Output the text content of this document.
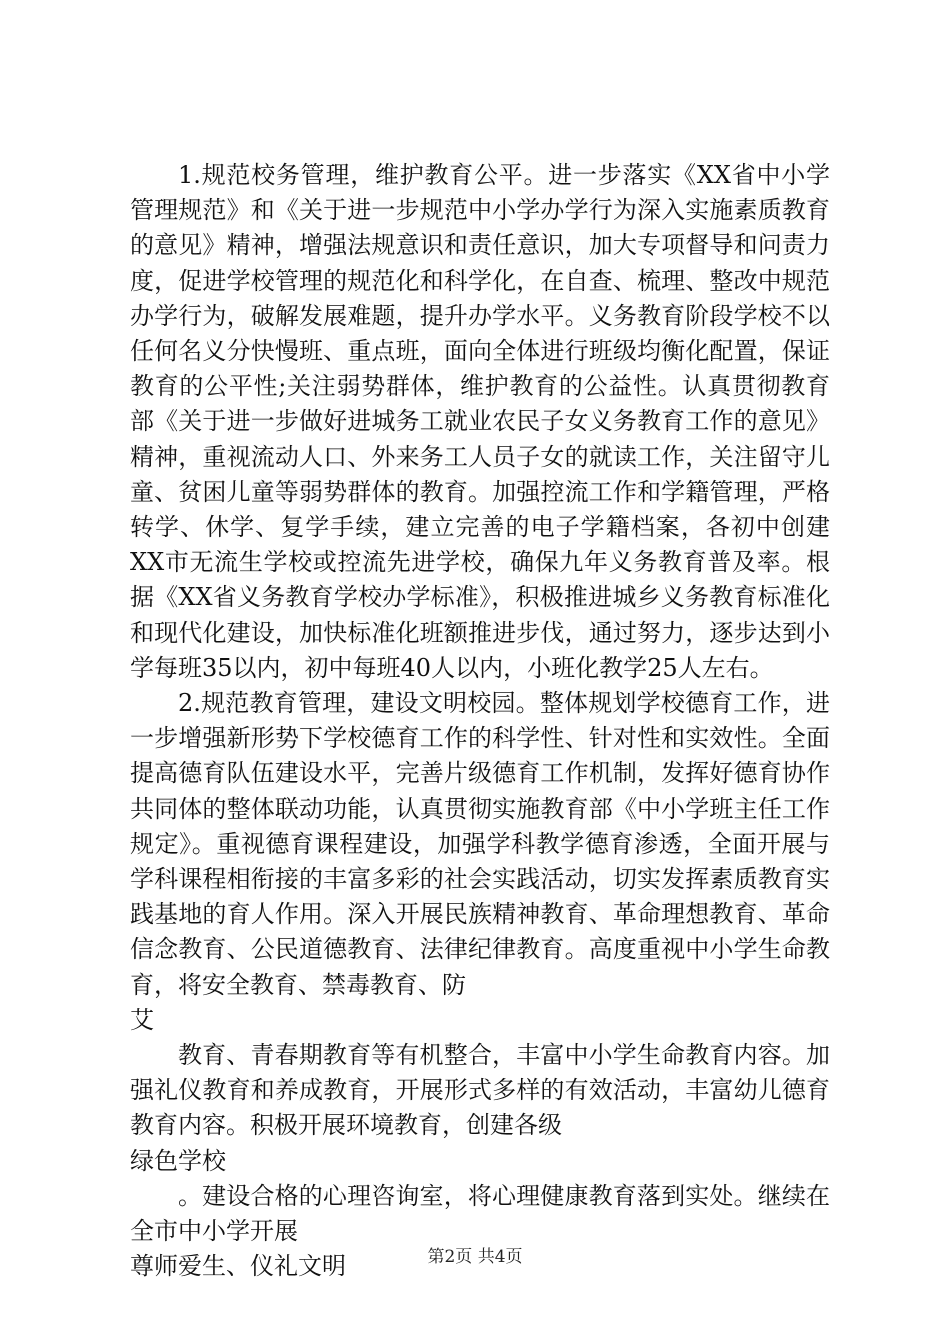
1.规范校务管理，维护教育公平。进一步落实《XX省中小学管理规范》和《关于进一步规范中小学办学行为深入实施素质教育的意见》精神，增强法规意识和责任意识，加大专项督导和问责力度，促进学校管理的规范化和科学化，在自查、梳理、整改中规范办学行为，破解发展难题，提升办学水平。义务教育阶段学校不以任何名义分快慢班、重点班，面向全体进行班级均衡化配置，保证教育的公平性;关注弱势群体，维护教育的公益性。认真贯彻教育部《关于进一步做好进城务工就业农民子女义务教育工作的意见》精神，重视流动人口、外来务工人员子女的就读工作，关注留守儿童、贫困儿童等弱势群体的教育。加强控流工作和学籍管理，严格转学、休学、复学手续，建立完善的电子学籍档案，各初中创建XX市无流生学校或控流先进学校，确保九年义务教育普及率。根据《XX省义务教育学校办学标准》，积极推进城乡义务教育标准化和现代化建设，加快标准化班额推进步伐，通过努力，逐步达到小学每班35以内，初中每班40人以内，小班化教学25人左右。

2.规范教育管理，建设文明校园。整体规划学校德育工作，进一步增强新形势下学校德育工作的科学性、针对性和实效性。全面提高德育队伍建设水平，完善片级德育工作机制，发挥好德育协作共同体的整体联动功能，认真贯彻实施教育部《中小学班主任工作规定》。重视德育课程建设，加强学科教学德育渗透，全面开展与学科课程相衔接的丰富多彩的社会实践活动，切实发挥素质教育实践基地的育人作用。深入开展民族精神教育、革命理想教育、革命信念教育、公民道德教育、法律纪律教育。高度重视中小学生命教育，将安全教育、禁毒教育、防

艾

教育、青春期教育等有机整合，丰富中小学生命教育内容。加强礼仪教育和养成教育，开展形式多样的有效活动，丰富幼儿德育教育内容。积极开展环境教育，创建各级

绿色学校

。建设合格的心理咨询室，将心理健康教育落到实处。继续在全市中小学开展

尊师爱生、仪礼文明	第2页 共4页
